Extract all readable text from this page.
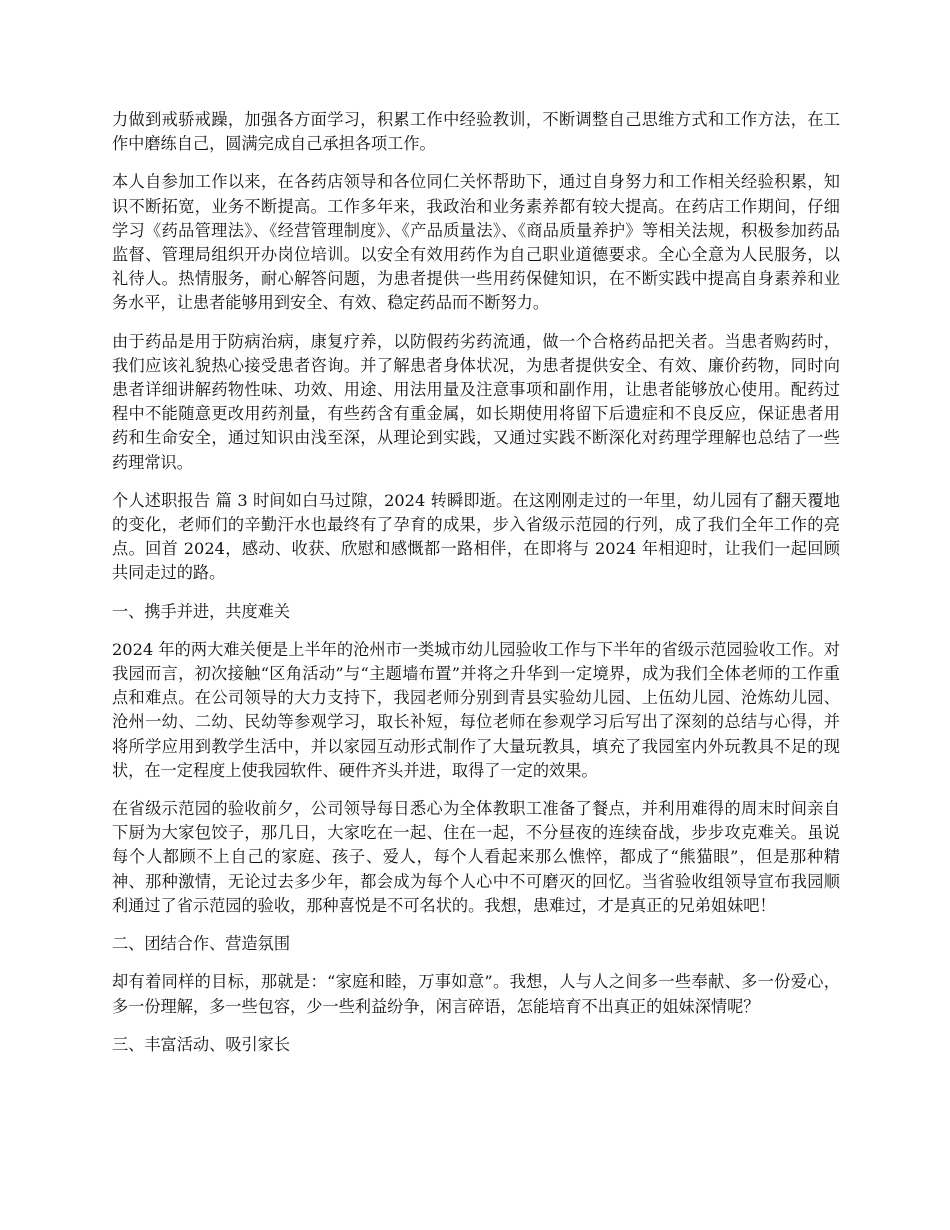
力做到戒骄戒躁，加强各方面学习，积累工作中经验教训，不断调整自己思维方式和工作方法，在工作中磨练自己，圆满完成自己承担各项工作。

本人自参加工作以来，在各药店领导和各位同仁关怀帮助下，通过自身努力和工作相关经验积累，知识不断拓宽，业务不断提高。工作多年来，我政治和业务素养都有较大提高。在药店工作期间，仔细学习《药品管理法》、《经营管理制度》、《产品质量法》、《商品质量养护》等相关法规，积极参加药品监督、管理局组织开办岗位培训。以安全有效用药作为自己职业道德要求。全心全意为人民服务，以礼待人。热情服务，耐心解答问题，为患者提供一些用药保健知识，在不断实践中提高自身素养和业务水平，让患者能够用到安全、有效、稳定药品而不断努力。

由于药品是用于防病治病，康复疗养，以防假药劣药流通，做一个合格药品把关者。当患者购药时，我们应该礼貌热心接受患者咨询。并了解患者身体状况，为患者提供安全、有效、廉价药物，同时向患者详细讲解药物性味、功效、用途、用法用量及注意事项和副作用，让患者能够放心使用。配药过程中不能随意更改用药剂量，有些药含有重金属，如长期使用将留下后遗症和不良反应，保证患者用药和生命安全，通过知识由浅至深，从理论到实践，又通过实践不断深化对药理学理解也总结了一些药理常识。

个人述职报告 篇 3 时间如白马过隙，2024 转瞬即逝。在这刚刚走过的一年里，幼儿园有了翻天覆地的变化，老师们的辛勤汗水也最终有了孕育的成果，步入省级示范园的行列，成了我们全年工作的亮点。回首 2024，感动、收获、欣慰和感慨都一路相伴，在即将与 2024 年相迎时，让我们一起回顾共同走过的路。

一、携手并进，共度难关

2024 年的两大难关便是上半年的沧州市一类城市幼儿园验收工作与下半年的省级示范园验收工作。对我园而言，初次接触“区角活动”与“主题墙布置”并将之升华到一定境界，成为我们全体老师的工作重点和难点。在公司领导的大力支持下，我园老师分别到青县实验幼儿园、上伍幼儿园、沧炼幼儿园、沧州一幼、二幼、民幼等参观学习，取长补短，每位老师在参观学习后写出了深刻的总结与心得，并将所学应用到教学生活中，并以家园互动形式制作了大量玩教具，填充了我园室内外玩教具不足的现状，在一定程度上使我园软件、硬件齐头并进，取得了一定的效果。

在省级示范园的验收前夕，公司领导每日悉心为全体教职工准备了餐点，并利用难得的周末时间亲自下厨为大家包饺子，那几日，大家吃在一起、住在一起，不分昼夜的连续奋战，步步攻克难关。虽说每个人都顾不上自己的家庭、孩子、爱人，每个人看起来那么憔悴，都成了“熊猫眼”，但是那种精神、那种激情，无论过去多少年，都会成为每个人心中不可磨灭的回忆。当省验收组领导宣布我园顺利通过了省示范园的验收，那种喜悦是不可名状的。我想，患难过，才是真正的兄弟姐妹吧！

二、团结合作、营造氛围

却有着同样的目标，那就是：“家庭和睦，万事如意”。我想，人与人之间多一些奉献、多一份爱心，多一份理解，多一些包容，少一些利益纷争，闲言碎语，怎能培育不出真正的姐妹深情呢？

三、丰富活动、吸引家长
